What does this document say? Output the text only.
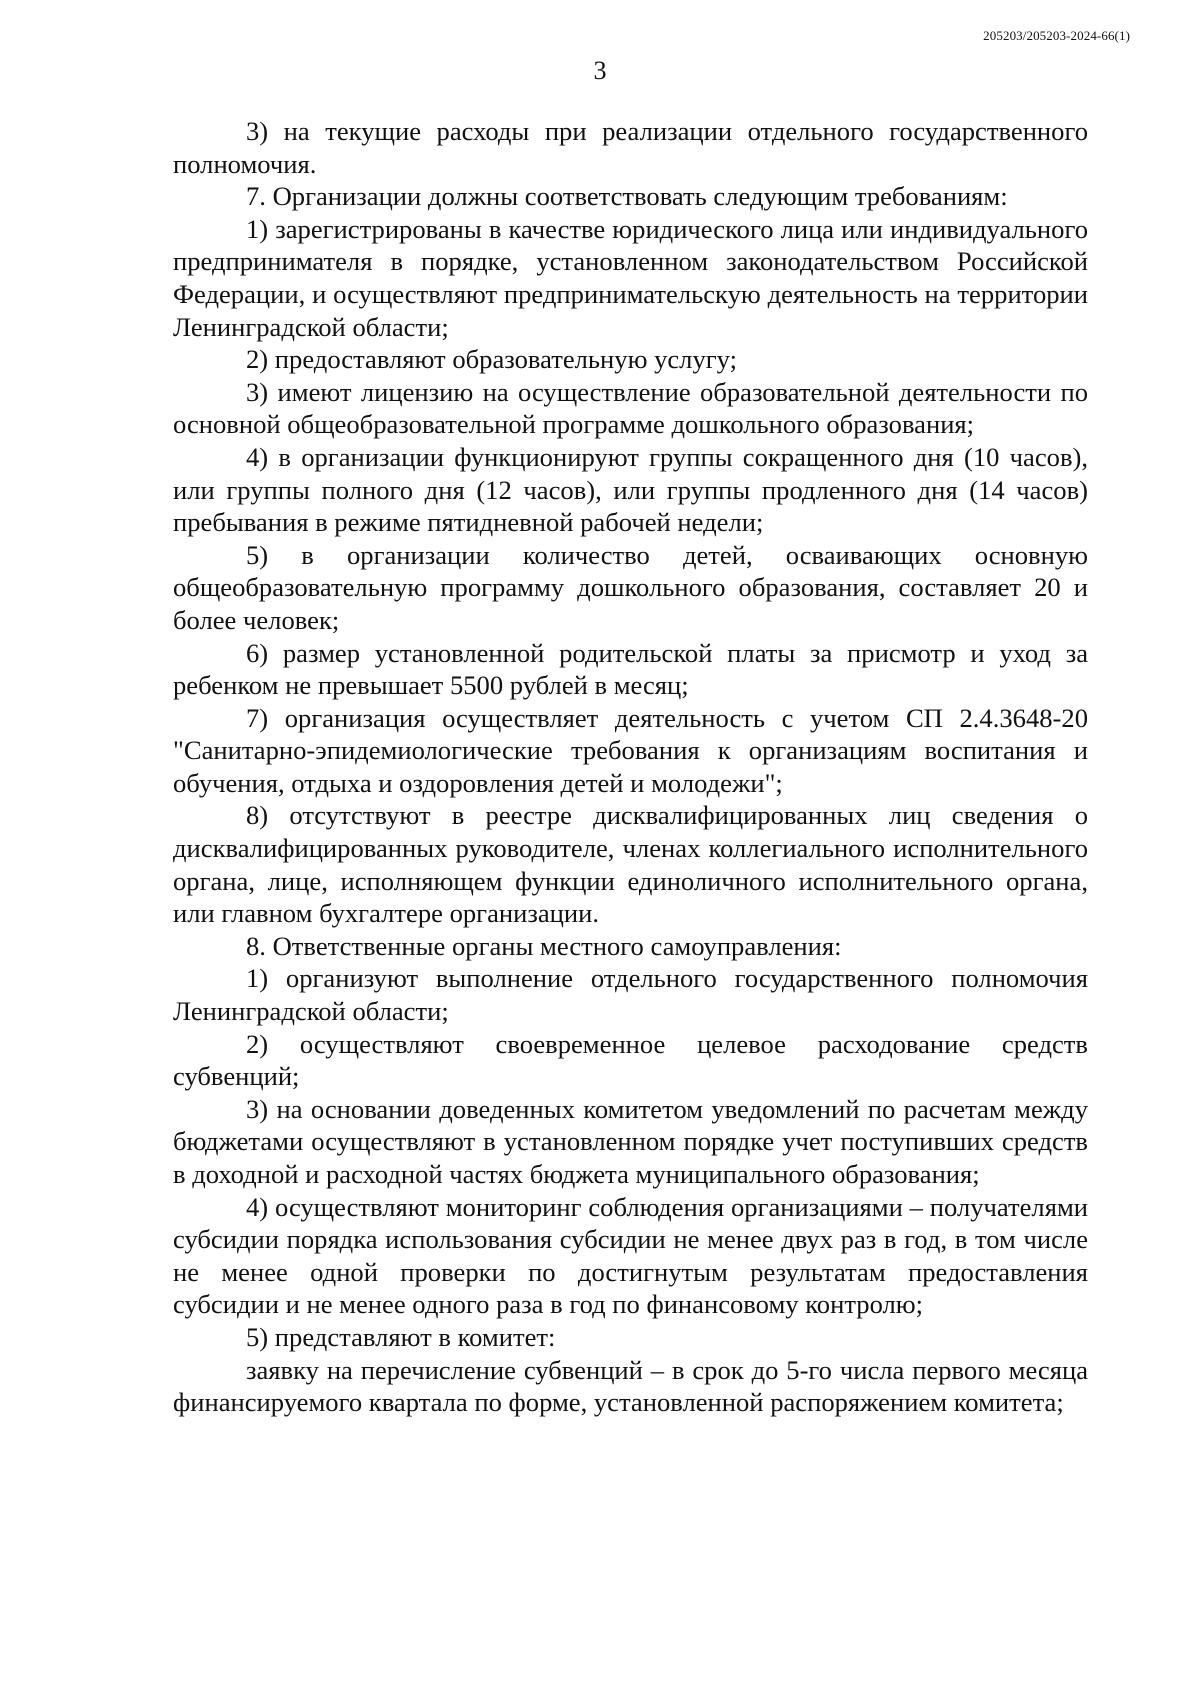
205203/205203-2024-66(1)
3

3) на текущие расходы при реализации отдельного государственного полномочия.

7. Организации должны соответствовать следующим требованиям:

1) зарегистрированы в качестве юридического лица или индивидуального предпринимателя в порядке, установленном законодательством Российской Федерации, и осуществляют предпринимательскую деятельность на территории Ленинградской области;

2) предоставляют образовательную услугу;

3) имеют лицензию на осуществление образовательной деятельности по основной общеобразовательной программе дошкольного образования;

4) в организации функционируют группы сокращенного дня (10 часов), или группы полного дня (12 часов), или группы продленного дня (14 часов) пребывания в режиме пятидневной рабочей недели;

5) в организации количество детей, осваивающих основную общеобразовательную программу дошкольного образования, составляет 20 и более человек;

6) размер установленной родительской платы за присмотр и уход за ребенком не превышает 5500 рублей в месяц;

7) организация осуществляет деятельность с учетом СП 2.4.3648-20 "Санитарно-эпидемиологические требования к организациям воспитания и обучения, отдыха и оздоровления детей и молодежи";

8) отсутствуют в реестре дисквалифицированных лиц сведения о дисквалифицированных руководителе, членах коллегиального исполнительного органа, лице, исполняющем функции единоличного исполнительного органа, или главном бухгалтере организации.

8. Ответственные органы местного самоуправления:

1) организуют выполнение отдельного государственного полномочия Ленинградской области;

2) осуществляют своевременное целевое расходование средств субвенций;

3) на основании доведенных комитетом уведомлений по расчетам между бюджетами осуществляют в установленном порядке учет поступивших средств в доходной и расходной частях бюджета муниципального образования;

4) осуществляют мониторинг соблюдения организациями – получателями субсидии порядка использования субсидии не менее двух раз в год, в том числе не менее одной проверки по достигнутым результатам предоставления субсидии и не менее одного раза в год по финансовому контролю;

5) представляют в комитет:

заявку на перечисление субвенций – в срок до 5-го числа первого месяца финансируемого квартала по форме, установленной распоряжением комитета;
